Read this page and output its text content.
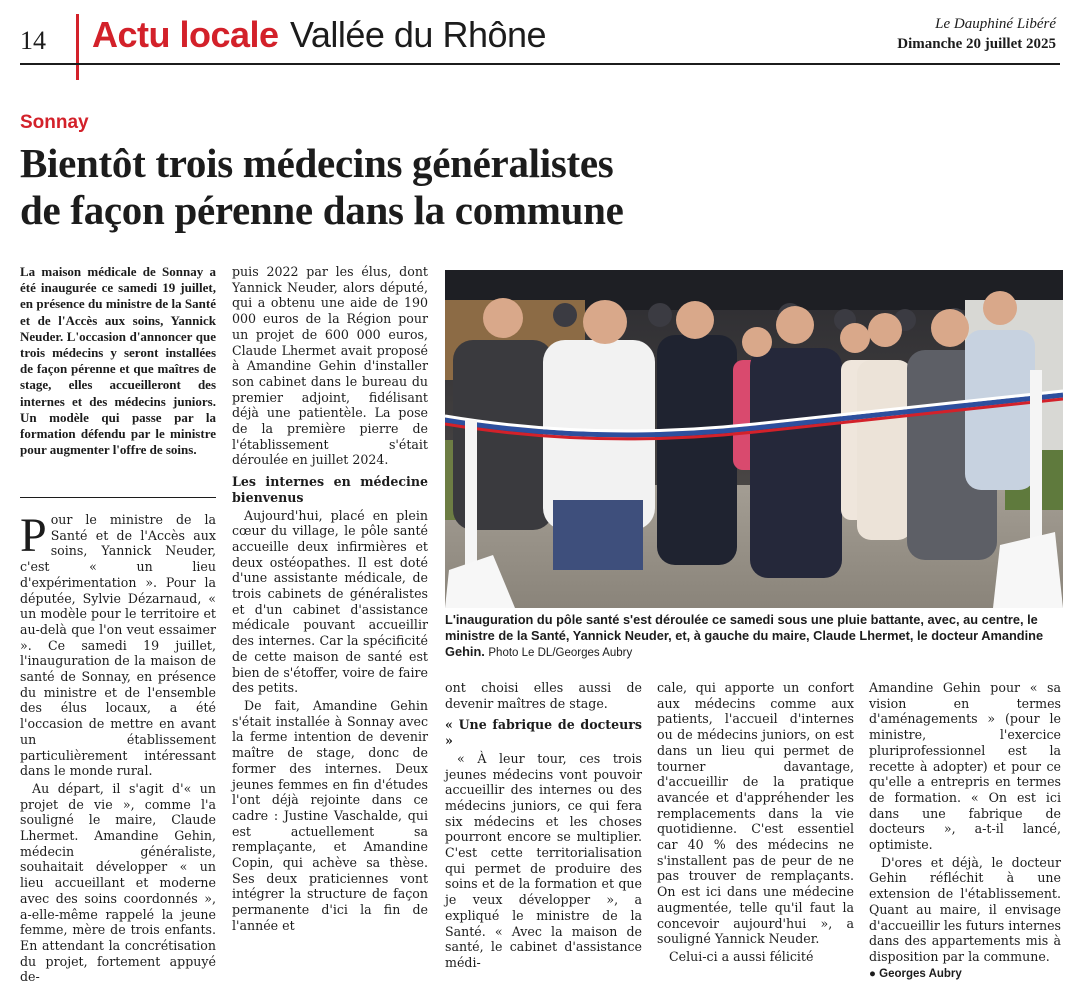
14 Actu locale Vallée du Rhône	Le Dauphiné Libéré
Dimanche 20 juillet 2025
Sonnay
Bientôt trois médecins généralistes
de façon pérenne dans la commune

La maison médicale de Sonnay a été inaugurée ce samedi 19 juillet, en présence du ministre de la Santé et de l'Accès aux soins, Yannick Neuder. L'occasion d'annoncer que trois médecins y seront installées de façon pérenne et que maîtres de stage, elles accueilleront des internes et des médecins juniors. Un modèle qui passe par la formation défendu par le ministre pour augmenter l'offre de soins.

Pour le ministre de la Santé et de l'Accès aux soins, Yannick Neuder, c'est « un lieu d'expérimentation ». Pour la députée, Sylvie Dézarnaud, « un modèle pour le territoire et au-delà que l'on veut essaimer ». Ce samedi 19 juillet, l'inauguration de la maison de santé de Sonnay, en présence du ministre et de l'ensemble des élus locaux, a été l'occasion de mettre en avant un établissement particulièrement intéressant dans le monde rural.

Au départ, il s'agit d'« un projet de vie », comme l'a souligné le maire, Claude Lhermet. Amandine Gehin, médecin généraliste, souhaitait développer « un lieu accueillant et moderne avec des soins coordonnés », a-elle-même rappelé la jeune femme, mère de trois enfants. En attendant la concrétisation du projet, fortement appuyé de-

puis 2022 par les élus, dont Yannick Neuder, alors député, qui a obtenu une aide de 190 000 euros de la Région pour un projet de 600 000 euros, Claude Lhermet avait proposé à Amandine Gehin d'installer son cabinet dans le bureau du premier adjoint, fidélisant déjà une patientèle. La pose de la première pierre de l'établissement s'était déroulée en juillet 2024.

Les internes en médecine bienvenus

Aujourd'hui, placé en plein cœur du village, le pôle santé accueille deux infirmières et deux ostéopathes. Il est doté d'une assistante médicale, de trois cabinets de généralistes et d'un cabinet d'assistance médicale pouvant accueillir des internes. Car la spécificité de cette maison de santé est bien de s'étoffer, voire de faire des petits.

De fait, Amandine Gehin s'était installée à Sonnay avec la ferme intention de devenir maître de stage, donc de former des internes. Deux jeunes femmes en fin d'études l'ont déjà rejointe dans ce cadre : Justine Vaschalde, qui est actuellement sa remplaçante, et Amandine Copin, qui achève sa thèse. Ses deux praticiennes vont intégrer la structure de façon permanente d'ici la fin de l'année et

L'inauguration du pôle santé s'est déroulée ce samedi sous une pluie battante, avec, au centre, le ministre de la Santé, Yannick Neuder, et, à gauche du maire, Claude Lhermet, le docteur Amandine Gehin. Photo Le DL/Georges Aubry

ont choisi elles aussi de devenir maîtres de stage.

« Une fabrique de docteurs »

« À leur tour, ces trois jeunes médecins vont pouvoir accueillir des internes ou des médecins juniors, ce qui fera six médecins et les choses pourront encore se multiplier. C'est cette territorialisation qui permet de produire des soins et de la formation et que je veux développer », a expliqué le ministre de la Santé. « Avec la maison de santé, le cabinet d'assistance médi-

cale, qui apporte un confort aux médecins comme aux patients, l'accueil d'internes ou de médecins juniors, on est dans un lieu qui permet de tourner davantage, d'accueillir de la pratique avancée et d'appréhender les remplacements dans la vie quotidienne. C'est essentiel car 40 % des médecins ne s'installent pas de peur de ne pas trouver de remplaçants. On est ici dans une médecine augmentée, telle qu'il faut la concevoir aujourd'hui », a souligné Yannick Neuder.

Celui-ci a aussi félicité

Amandine Gehin pour « sa vision en termes d'aménagements » (pour le ministre, l'exercice pluriprofessionnel est la recette à adopter) et pour ce qu'elle a entrepris en termes de formation. « On est ici dans une fabrique de docteurs », a-t-il lancé, optimiste.

D'ores et déjà, le docteur Gehin réfléchit à une extension de l'établissement. Quant au maire, il envisage d'accueillir les futurs internes dans des appartements mis à disposition par la commune.

● Georges Aubry
